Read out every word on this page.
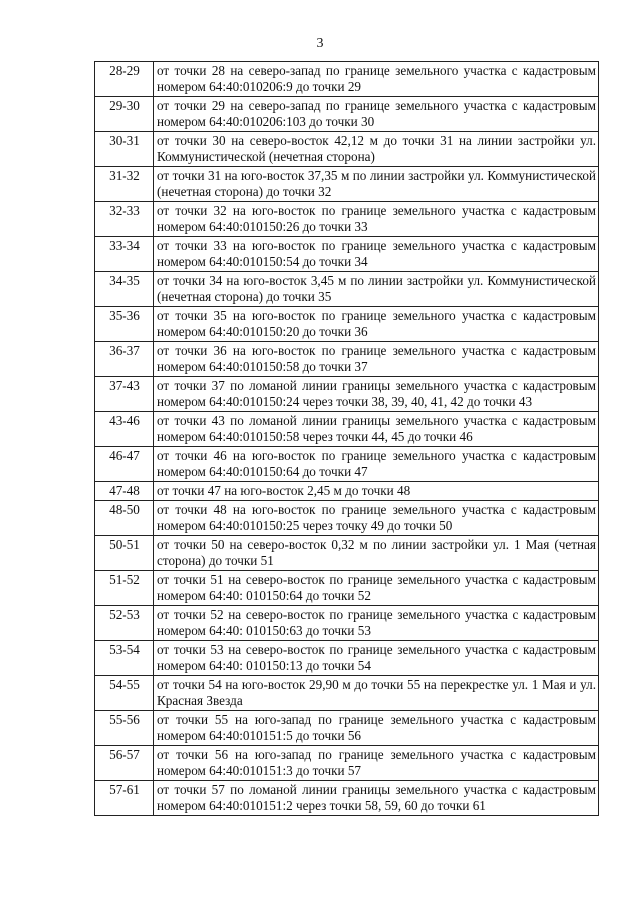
3
28-29	от точки 28 на северо-запад по границе земельного участка с кадастровым номером 64:40:010206:9 до точки 29
29-30	от точки 29 на северо-запад по границе земельного участка с кадастровым номером 64:40:010206:103 до точки 30
30-31	от точки 30 на северо-восток 42,12 м до точки 31 на линии застройки ул. Коммунистической (нечетная сторона)
31-32	от точки 31 на юго-восток 37,35 м по линии застройки ул. Коммунистической (нечетная сторона) до точки 32
32-33	от точки 32 на юго-восток по границе земельного участка с кадастровым номером 64:40:010150:26 до точки 33
33-34	от точки 33 на юго-восток по границе земельного участка с кадастровым номером 64:40:010150:54 до точки 34
34-35	от точки 34 на юго-восток 3,45 м по линии застройки ул. Коммунистической (нечетная сторона) до точки 35
35-36	от точки 35 на юго-восток по границе земельного участка с кадастровым номером 64:40:010150:20 до точки 36
36-37	от точки 36 на юго-восток по границе земельного участка с кадастровым номером 64:40:010150:58 до точки 37
37-43	от точки 37 по ломаной линии границы земельного участка с кадастровым номером 64:40:010150:24 через точки 38, 39, 40, 41, 42 до точки 43
43-46	от точки 43 по ломаной линии границы земельного участка с кадастровым номером 64:40:010150:58 через точки 44, 45 до точки 46
46-47	от точки 46 на юго-восток по границе земельного участка с кадастровым номером 64:40:010150:64 до точки 47
47-48	от точки 47 на юго-восток 2,45 м до точки 48
48-50	от точки 48 на юго-восток по границе земельного участка с кадастровым номером 64:40:010150:25 через точку 49 до точки 50
50-51	от точки 50 на северо-восток 0,32 м по линии застройки ул. 1 Мая (четная сторона) до точки 51
51-52	от точки 51 на северо-восток по границе земельного участка с кадастровым номером 64:40: 010150:64 до точки 52
52-53	от точки 52 на северо-восток по границе земельного участка с кадастровым номером 64:40: 010150:63 до точки 53
53-54	от точки 53 на северо-восток по границе земельного участка с кадастровым номером 64:40: 010150:13 до точки 54
54-55	от точки 54 на юго-восток 29,90 м до точки 55 на перекрестке ул. 1 Мая и ул. Красная Звезда
55-56	от точки 55 на юго-запад по границе земельного участка с кадастровым номером 64:40:010151:5 до точки 56
56-57	от точки 56 на юго-запад по границе земельного участка с кадастровым номером 64:40:010151:3 до точки 57
57-61	от точки 57 по ломаной линии границы земельного участка с кадастровым номером 64:40:010151:2 через точки 58, 59, 60 до точки 61
